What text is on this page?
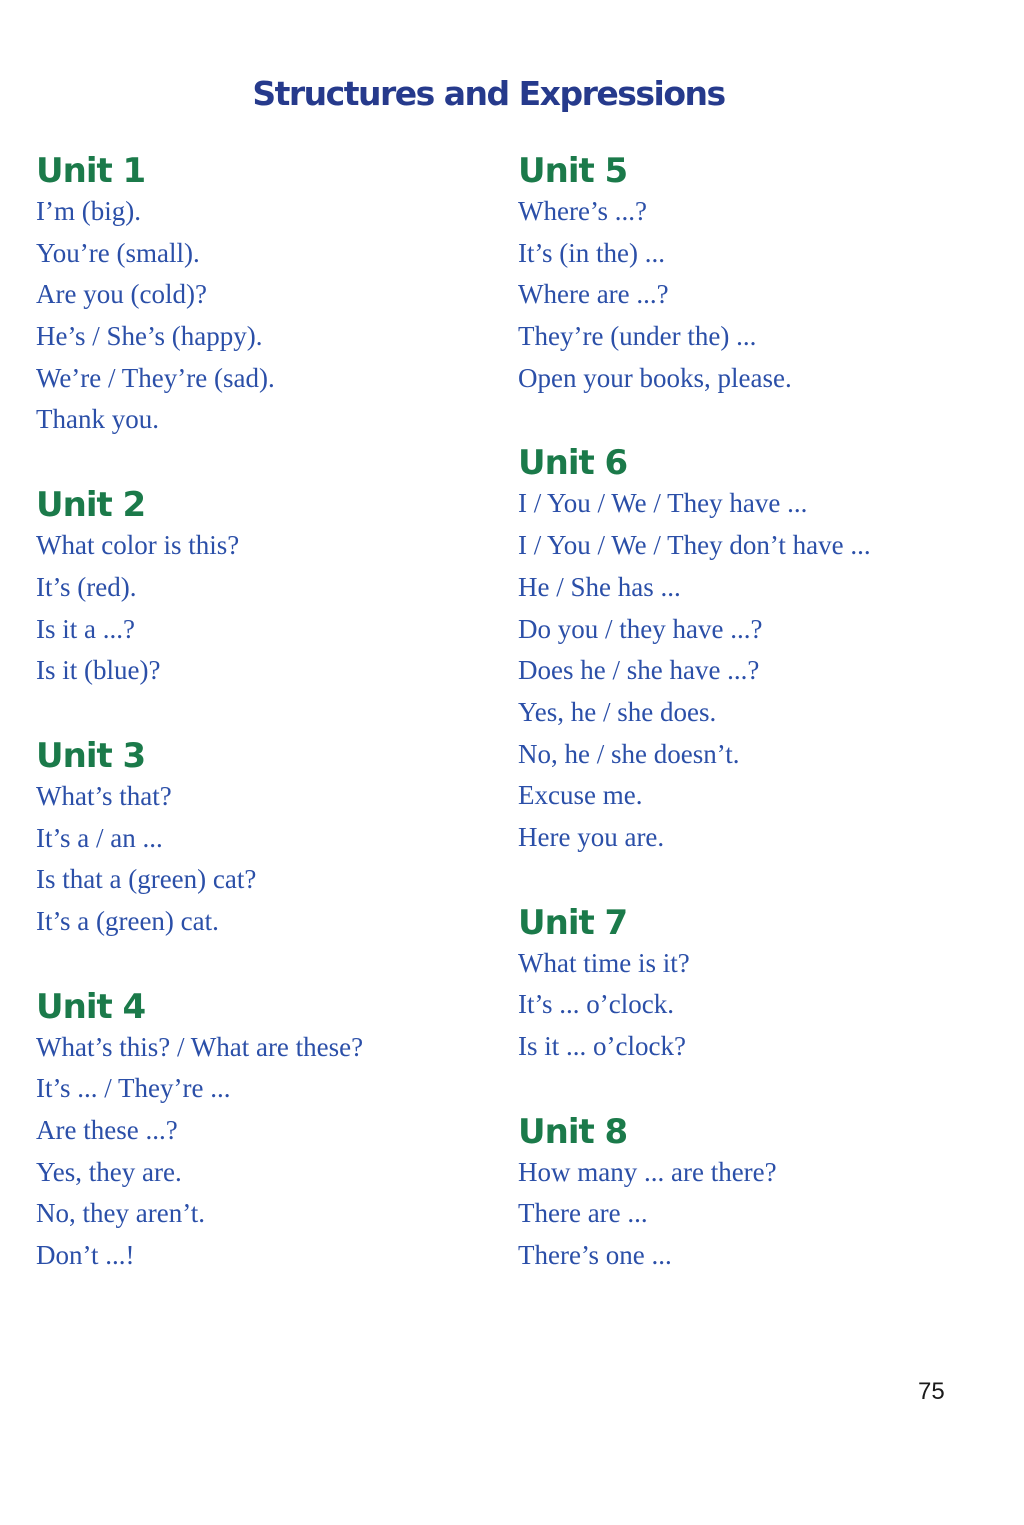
Structures and Expressions
Unit 1
I’m (big).
You’re (small).
Are you (cold)?
He’s / She’s (happy).
We’re / They’re (sad).
Thank you.
Unit 2
What color is this?
It’s (red).
Is it a ...?
Is it (blue)?
Unit 3
What’s that?
It’s a / an ...
Is that a (green) cat?
It’s a (green) cat.
Unit 4
What’s this? / What are these?
It’s ... / They’re ...
Are these ...?
Yes, they are.
No, they aren’t.
Don’t ...!
Unit 5
Where’s ...?
It’s (in the) ...
Where are ...?
They’re (under the) ...
Open your books, please.
Unit 6
I / You / We / They have ...
I / You / We / They don’t have ...
He / She has ...
Do you / they have ...?
Does he / she have ...?
Yes, he / she does.
No, he / she doesn’t.
Excuse me.
Here you are.
Unit 7
What time is it?
It’s ... o’clock.
Is it ... o’clock?
Unit 8
How many ... are there?
There are ...
There’s one ...
75
